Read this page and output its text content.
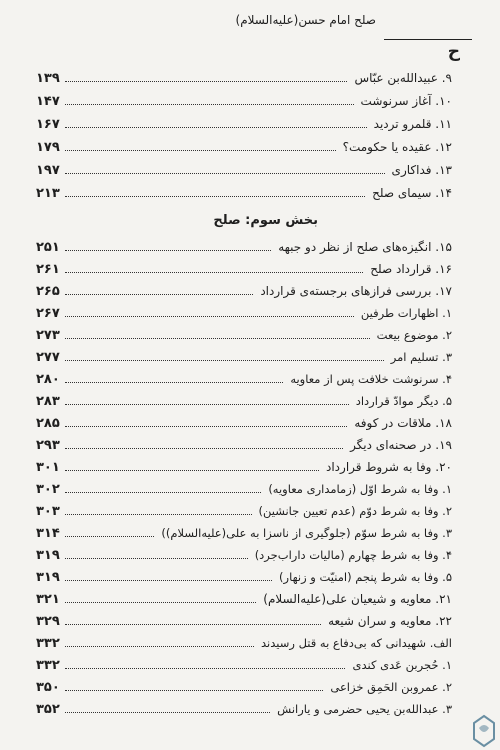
صلح امام حسن(علیه‌السلام)
ح
۹. عبیدالله‌بن عبّاس
۱۳۹
۱۰. آغاز سرنوشت
۱۴۷
۱۱. قلمرو تردید
۱۶۷
۱۲. عقیده یا حکومت؟
۱۷۹
۱۳. فداکاری
۱۹۷
۱۴. سیمای صلح
۲۱۳
بخش سوم: صلح
۱۵. انگیزه‌های صلح از نظر دو جبهه
۲۵۱
۱۶. قرارداد صلح
۲۶۱
۱۷. بررسی فرازهای برجسته‌ی قرارداد
۲۶۵
۱. اظهارات طرفین
۲۶۷
۲. موضوع بیعت
۲۷۳
۳. تسلیم امر
۲۷۷
۴. سرنوشت خلافت پس از معاویه
۲۸۰
۵. دیگر موادّ قرارداد
۲۸۳
۱۸. ملاقات در کوفه
۲۸۵
۱۹. در صحنه‌ای دیگر
۲۹۳
۲۰. وفا به شروط قرارداد
۳۰۱
۱. وفا به شرط اوّل (زمامداری معاویه)
۳۰۲
۲. وفا به شرط دوّم (عدم تعیین جانشین)
۳۰۳
۳. وفا به شرط سوّم (جلوگیری از ناسزا به علی(علیه‌السلام))
۳۱۴
۴. وفا به شرط چهارم (مالیات داراب‌جرد)
۳۱۹
۵. وفا به شرط پنجم (امنیّت و زنهار)
۳۱۹
۲۱. معاویه و شیعیان علی(علیه‌السلام)
۳۲۱
۲۲. معاویه و سران شیعه
۳۲۹
الف. شهیدانی که بی‌دفاع به قتل رسیدند
۳۳۲
۱. حُجربن عَدی کندی
۳۳۲
۲. عمروبن الحَمِق خزاعی
۳۵۰
۳. عبدالله‌بن یحیی حضرمی و یارانش
۳۵۲
